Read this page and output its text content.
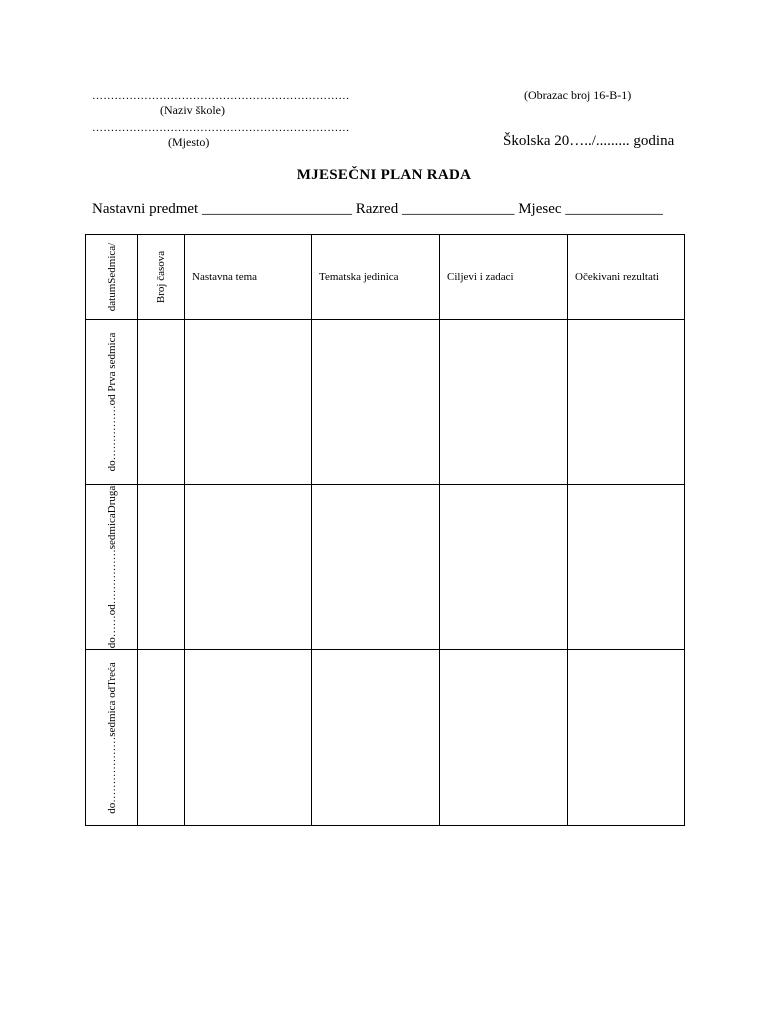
……………………………………………………………
(Naziv škole)
……………………………………………………………
(Mjesto)
(Obrazac broj 16-B-1)
Školska 20…../......... godina
MJESEČNI PLAN RADA
Nastavni predmet ____________________ Razred _______________ Mjesec _____________
datumSedmica/	Broj časova	Nastavna tema	Tematska jedinica	Ciljevi i zadaci	Očekivani rezultati

do……………od Prva sedmica					

do……od……………sedmicaDruga					

do………………sedmica odTreća					
